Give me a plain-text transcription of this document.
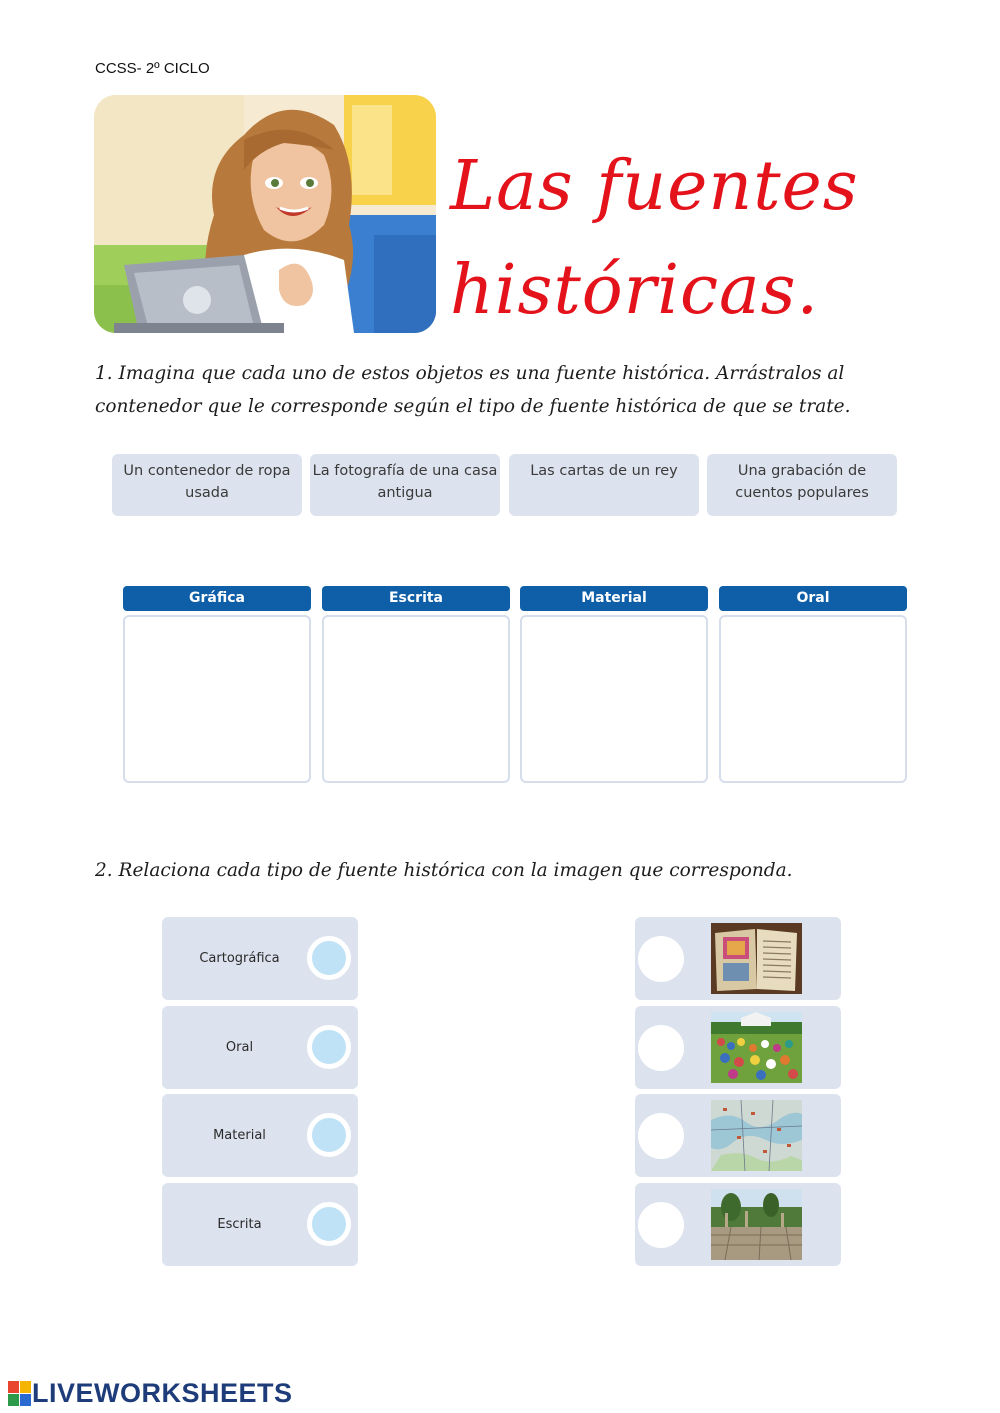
CCSS- 2º CICLO
Las fuentes históricas.
1. Imagina que cada uno de estos objetos es una fuente histórica. Arrástralos al contenedor que le corresponde según el tipo de fuente histórica de que se trate.
Un contenedor de ropa usada
La fotografía de una casa antigua
Las cartas de un rey	Una grabación de cuentos populares
Gráfica	Escrita	Material	Oral
2. Relaciona cada tipo de fuente histórica con la imagen que corresponda.
Cartográfica
Oral
Material
Escrita
LIVEWORKSHEETS
